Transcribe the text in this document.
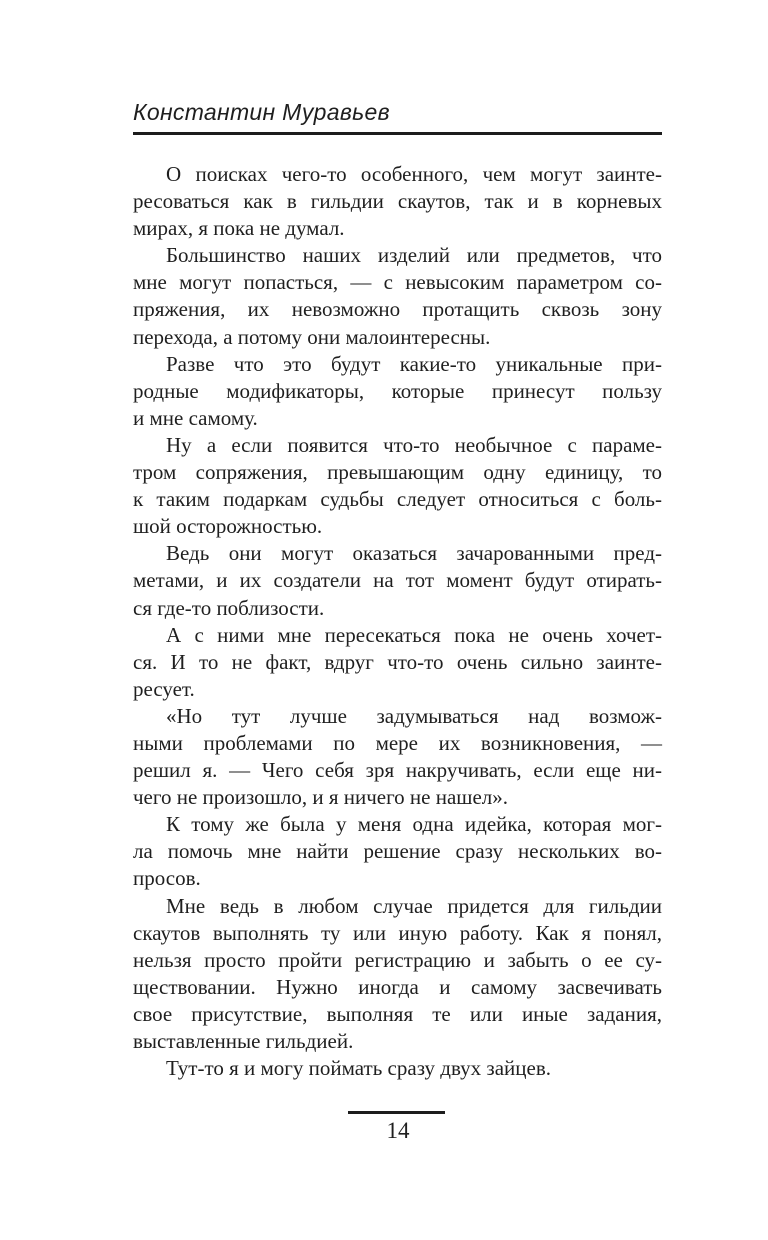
Константин Муравьев
О поисках чего-то особенного, чем могут заинте-
ресоваться как в гильдии скаутов, так и в корневых
мирах, я пока не думал.
Большинство наших изделий или предметов, что
мне могут попасться, — с невысоким параметром со-
пряжения, их невозможно протащить сквозь зону
перехода, а потому они малоинтересны.
Разве что это будут какие-то уникальные при-
родные модификаторы, которые принесут пользу
и мне самому.
Ну а если появится что-то необычное с параме-
тром сопряжения, превышающим одну единицу, то
к таким подаркам судьбы следует относиться с боль-
шой осторожностью.
Ведь они могут оказаться зачарованными пред-
метами, и их создатели на тот момент будут отирать-
ся где-то поблизости.
А с ними мне пересекаться пока не очень хочет-
ся. И то не факт, вдруг что-то очень сильно заинте-
ресует.
«Но тут лучше задумываться над возмож-
ными проблемами по мере их возникновения, —
решил я. — Чего себя зря накручивать, если еще ни-
чего не произошло, и я ничего не нашел».
К тому же была у меня одна идейка, которая мог-
ла помочь мне найти решение сразу нескольких во-
просов.
Мне ведь в любом случае придется для гильдии
скаутов выполнять ту или иную работу. Как я понял,
нельзя просто пройти регистрацию и забыть о ее су-
ществовании. Нужно иногда и самому засвечивать
свое присутствие, выполняя те или иные задания,
выставленные гильдией.
Тут-то я и могу поймать сразу двух зайцев.
14
